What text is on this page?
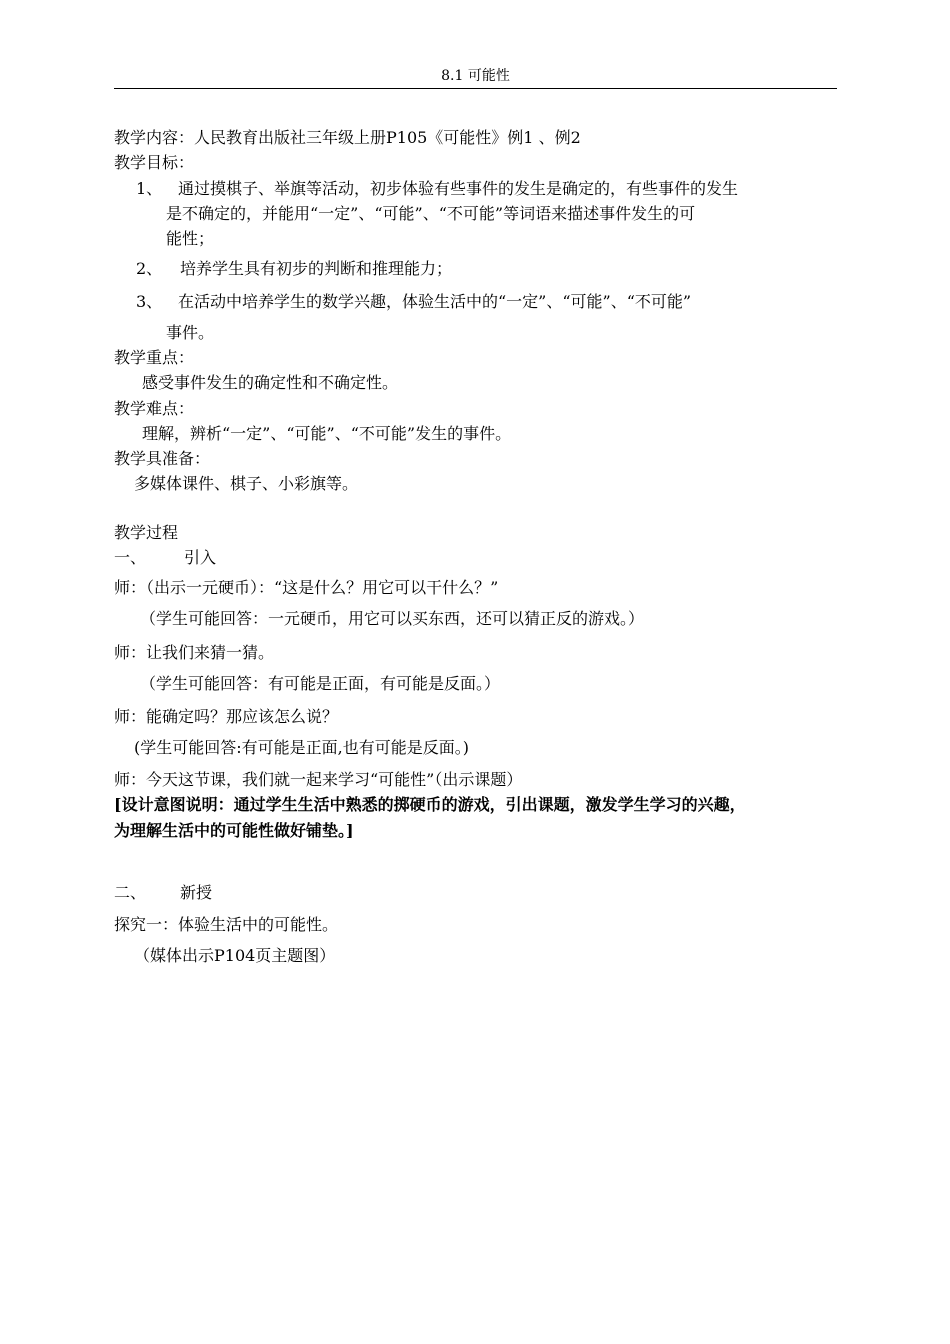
8.1 可能性
教学内容：人民教育出版社三年级上册P105《可能性》例1 、例2
教学目标：
1、 通过摸棋子、举旗等活动，初步体验有些事件的发生是确定的，有些事件的发生
是不确定的，并能用“一定”、“可能”、“不可能”等词语来描述事件发生的可
能性；
2、 培养学生具有初步的判断和推理能力；
3、 在活动中培养学生的数学兴趣，体验生活中的“一定”、“可能”、“不可能”
事件。
教学重点：
感受事件发生的确定性和不确定性。
教学难点：
理解，辨析“一定”、“可能”、“不可能”发生的事件。
教学具准备：
多媒体课件、棋子、小彩旗等。
教学过程
一、 引入
师：（出示一元硬币）：“这是什么？用它可以干什么？”
（学生可能回答：一元硬币，用它可以买东西，还可以猜正反的游戏。）
师：让我们来猜一猜。
（学生可能回答：有可能是正面，有可能是反面。）
师：能确定吗？那应该怎么说？
(学生可能回答:有可能是正面,也有可能是反面。)
师：今天这节课，我们就一起来学习“可能性”（出示课题）
[设计意图说明：通过学生生活中熟悉的掷硬币的游戏，引出课题，激发学生学习的兴趣，
为理解生活中的可能性做好铺垫。]
二、 新授
探究一：体验生活中的可能性。
（媒体出示P104页主题图）
